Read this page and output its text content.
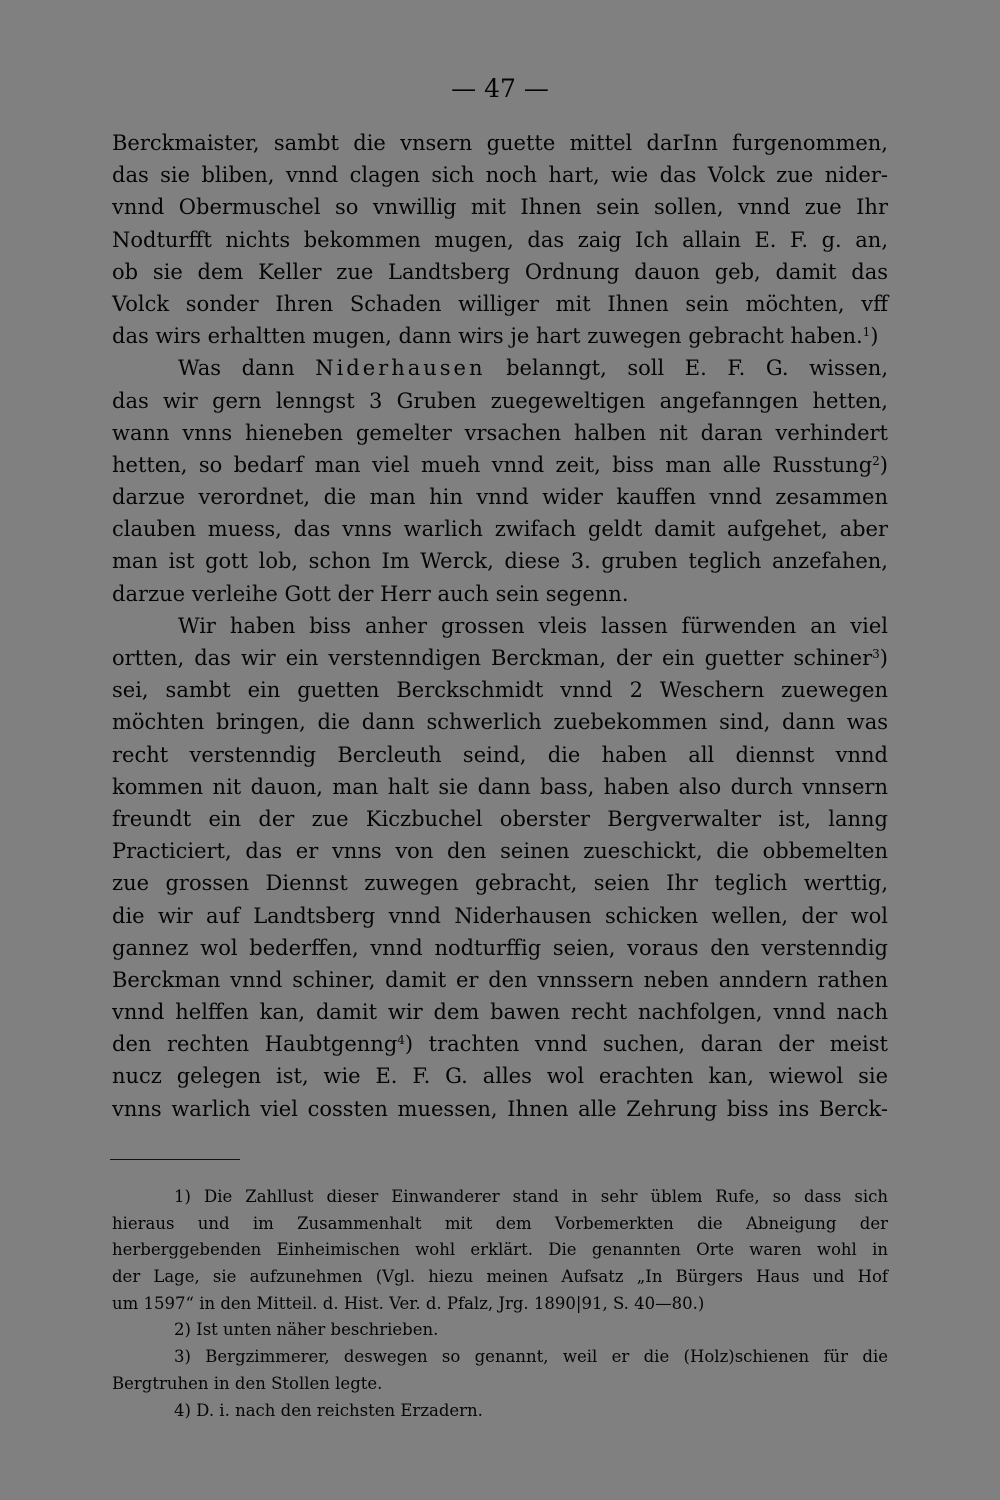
— 47 —
Berckmaister, sambt die vnsern guette mittel darInn furgenommen,
das sie bliben, vnnd clagen sich noch hart, wie das Volck zue nider-
vnnd Obermuschel so vnwillig mit Ihnen sein sollen, vnnd zue Ihr
Nodturfft nichts bekommen mugen, das zaig Ich allain E. F. g. an,
ob sie dem Keller zue Landtsberg Ordnung dauon geb, damit das
Volck sonder Ihren Schaden williger mit Ihnen sein möchten, vff
das wirs erhaltten mugen, dann wirs je hart zuwegen gebracht haben.$^1$)
Was dann Niderhausen belanngt, soll E. F. G. wissen,
das wir gern lenngst 3 Gruben zuegeweltigen angefanngen hetten,
wann vnns hieneben gemelter vrsachen halben nit daran verhindert
hetten, so bedarf man viel mueh vnnd zeit, biss man alle Russtung$^2$)
darzue verordnet, die man hin vnnd wider kauffen vnnd zesammen
clauben muess, das vnns warlich zwifach geldt damit aufgehet, aber
man ist gott lob, schon Im Werck, diese 3. gruben teglich anzefahen,
darzue verleihe Gott der Herr auch sein segenn.
Wir haben biss anher grossen vleis lassen fürwenden an viel
ortten, das wir ein verstenndigen Berckman, der ein guetter schiner$^3$)
sei, sambt ein guetten Berckschmidt vnnd 2 Weschern zuewegen
möchten bringen, die dann schwerlich zuebekommen sind, dann was
recht verstenndig Bercleuth seind, die haben all diennst vnnd
kommen nit dauon, man halt sie dann bass, haben also durch vnnsern
freundt ein der zue Kiczbuchel oberster Bergverwalter ist, lanng
Practiciert, das er vnns von den seinen zueschickt, die obbemelten
zue grossen Diennst zuwegen gebracht, seien Ihr teglich werttig,
die wir auf Landtsberg vnnd Niderhausen schicken wellen, der wol
gannez wol bederffen, vnnd nodturffig seien, voraus den verstenndig
Berckman vnnd schiner, damit er den vnnssern neben anndern rathen
vnnd helffen kan, damit wir dem bawen recht nachfolgen, vnnd nach
den rechten Haubtgenng$^4$) trachten vnnd suchen, daran der meist
nucz gelegen ist, wie E. F. G. alles wol erachten kan, wiewol sie
vnns warlich viel cossten muessen, Ihnen alle Zehrung biss ins Berck-
1) Die Zahllust dieser Einwanderer stand in sehr üblem Rufe, so dass sich
hieraus und im Zusammenhalt mit dem Vorbemerkten die Abneigung der
herberggebenden Einheimischen wohl erklärt. Die genannten Orte waren wohl in
der Lage, sie aufzunehmen (Vgl. hiezu meinen Aufsatz „In Bürgers Haus und Hof
um 1597“ in den Mitteil. d. Hist. Ver. d. Pfalz, Jrg. 1890|91, S. 40—80.)
2) Ist unten näher beschrieben.
3) Bergzimmerer, deswegen so genannt, weil er die (Holz)schienen für die
Bergtruhen in den Stollen legte.
4) D. i. nach den reichsten Erzadern.
